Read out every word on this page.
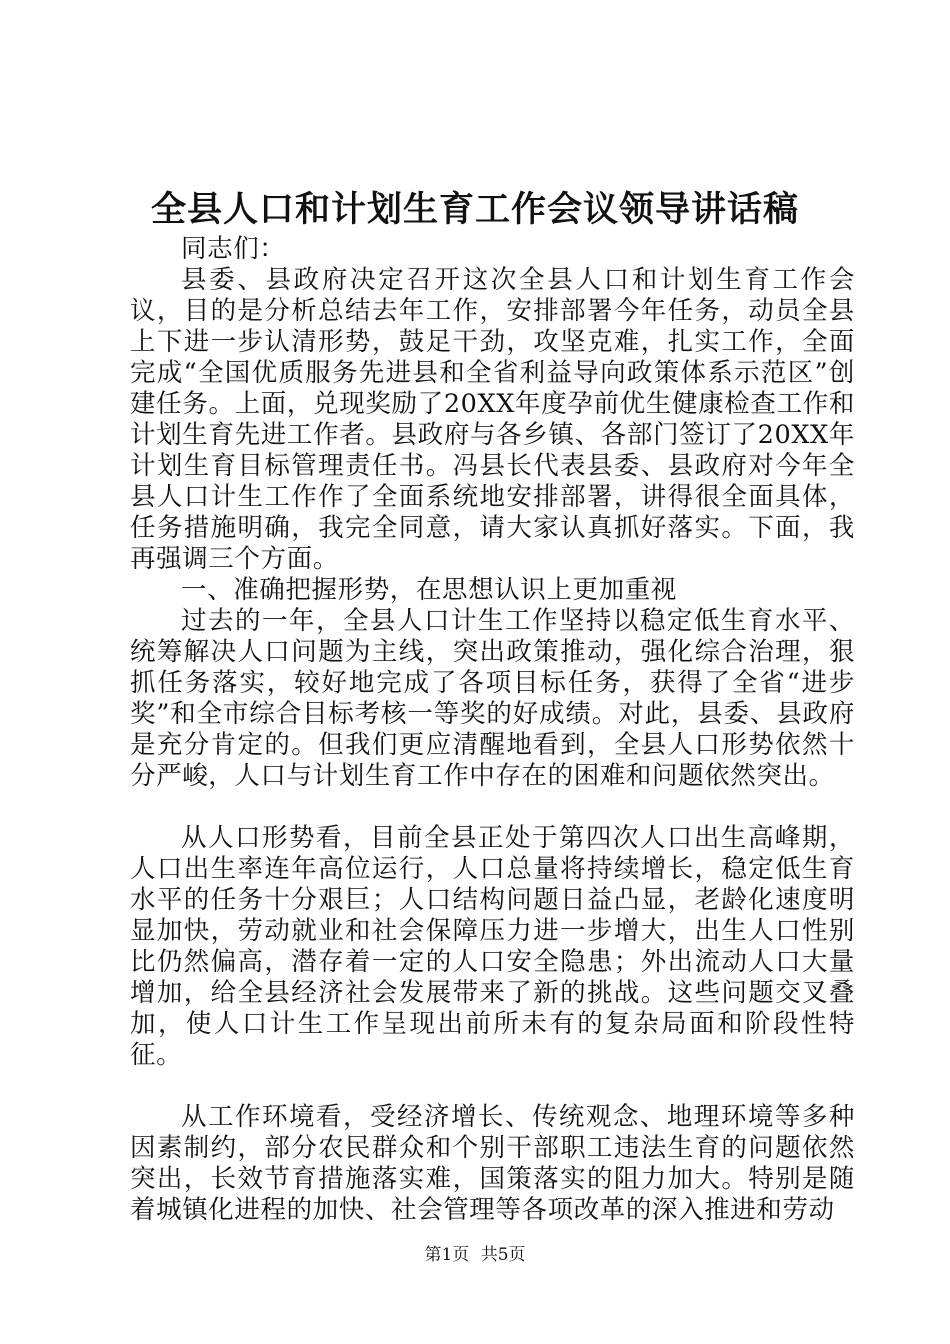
全县人口和计划生育工作会议领导讲话稿

同志们：

县委、县政府决定召开这次全县人口和计划生育工作会议，目的是分析总结去年工作，安排部署今年任务，动员全县上下进一步认清形势，鼓足干劲，攻坚克难，扎实工作，全面完成“全国优质服务先进县和全省利益导向政策体系示范区”创建任务。上面，兑现奖励了20XX年度孕前优生健康检查工作和计划生育先进工作者。县政府与各乡镇、各部门签订了20XX年计划生育目标管理责任书。冯县长代表县委、县政府对今年全县人口计生工作作了全面系统地安排部署，讲得很全面具体，任务措施明确，我完全同意，请大家认真抓好落实。下面，我再强调三个方面。

一、准确把握形势，在思想认识上更加重视

过去的一年，全县人口计生工作坚持以稳定低生育水平、统筹解决人口问题为主线，突出政策推动，强化综合治理，狠抓任务落实，较好地完成了各项目标任务，获得了全省“进步奖”和全市综合目标考核一等奖的好成绩。对此，县委、县政府是充分肯定的。但我们更应清醒地看到，全县人口形势依然十分严峻，人口与计划生育工作中存在的困难和问题依然突出。

从人口形势看，目前全县正处于第四次人口出生高峰期，人口出生率连年高位运行，人口总量将持续增长，稳定低生育水平的任务十分艰巨；人口结构问题日益凸显，老龄化速度明显加快，劳动就业和社会保障压力进一步增大，出生人口性别比仍然偏高，潜存着一定的人口安全隐患；外出流动人口大量增加，给全县经济社会发展带来了新的挑战。这些问题交叉叠加，使人口计生工作呈现出前所未有的复杂局面和阶段性特征。

从工作环境看，受经济增长、传统观念、地理环境等多种因素制约，部分农民群众和个别干部职工违法生育的问题依然突出，长效节育措施落实难，国策落实的阻力加大。特别是随着城镇化进程的加快、社会管理等各项改革的深入推进和劳动

第1页 共5页
